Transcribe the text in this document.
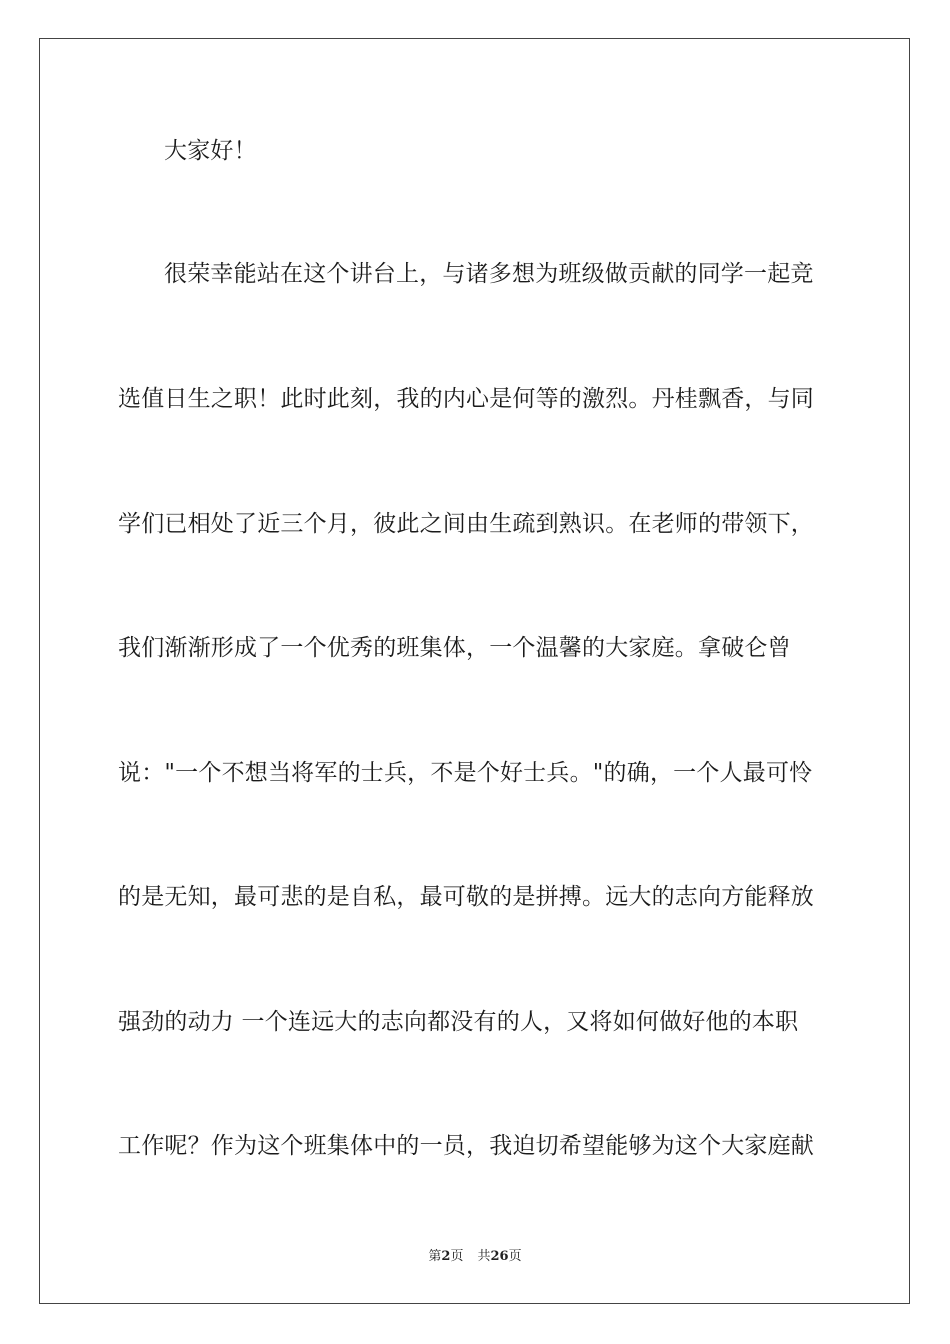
大家好！
很荣幸能站在这个讲台上，与诸多想为班级做贡献的同学一起竞
选值日生之职！此时此刻，我的内心是何等的激烈。丹桂飘香，与同
学们已相处了近三个月，彼此之间由生疏到熟识。在老师的带领下，
我们渐渐形成了一个优秀的班集体，一个温馨的大家庭。拿破仑曾
说："一个不想当将军的士兵，不是个好士兵。"的确，一个人最可怜
的是无知，最可悲的是自私，最可敬的是拼搏。远大的志向方能释放
强劲的动力 一个连远大的志向都没有的人，又将如何做好他的本职
工作呢？作为这个班集体中的一员，我迫切希望能够为这个大家庭献
第2页 共26页
